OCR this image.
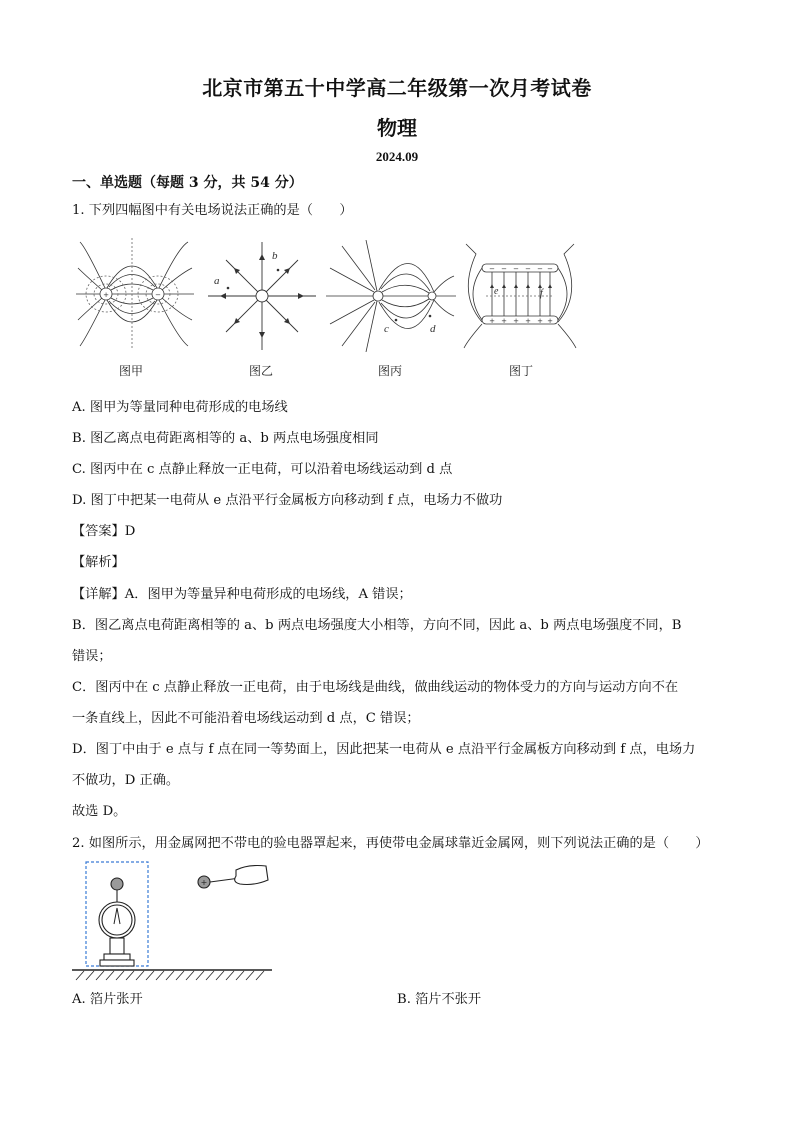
北京市第五十中学高二年级第一次月考试卷
物理
2024.09
一、单选题（每题 3 分，共 54 分）
1. 下列四幅图中有关电场说法正确的是（　　）
+	−
图甲
a
b
图乙
c	d
图丙
− − − − − −
+ + + + + +
e	f
图丁
A. 图甲为等量同种电荷形成的电场线
B. 图乙离点电荷距离相等的 a、b 两点电场强度相同
C. 图丙中在 c 点静止释放一正电荷，可以沿着电场线运动到 d 点
D. 图丁中把某一电荷从 e 点沿平行金属板方向移动到 f 点，电场力不做功
【答案】D
【解析】
【详解】A．图甲为等量异种电荷形成的电场线，A 错误；
B．图乙离点电荷距离相等的 a、b 两点电场强度大小相等，方向不同，因此 a、b 两点电场强度不同，B
错误；
C．图丙中在 c 点静止释放一正电荷，由于电场线是曲线，做曲线运动的物体受力的方向与运动方向不在
一条直线上，因此不可能沿着电场线运动到 d 点，C 错误；
D．图丁中由于 e 点与 f 点在同一等势面上，因此把某一电荷从 e 点沿平行金属板方向移动到 f 点，电场力
不做功，D 正确。
故选 D。
2. 如图所示，用金属网把不带电的验电器罩起来，再使带电金属球靠近金属网，则下列说法正确的是（　　）
+
A. 箔片张开	B. 箔片不张开
